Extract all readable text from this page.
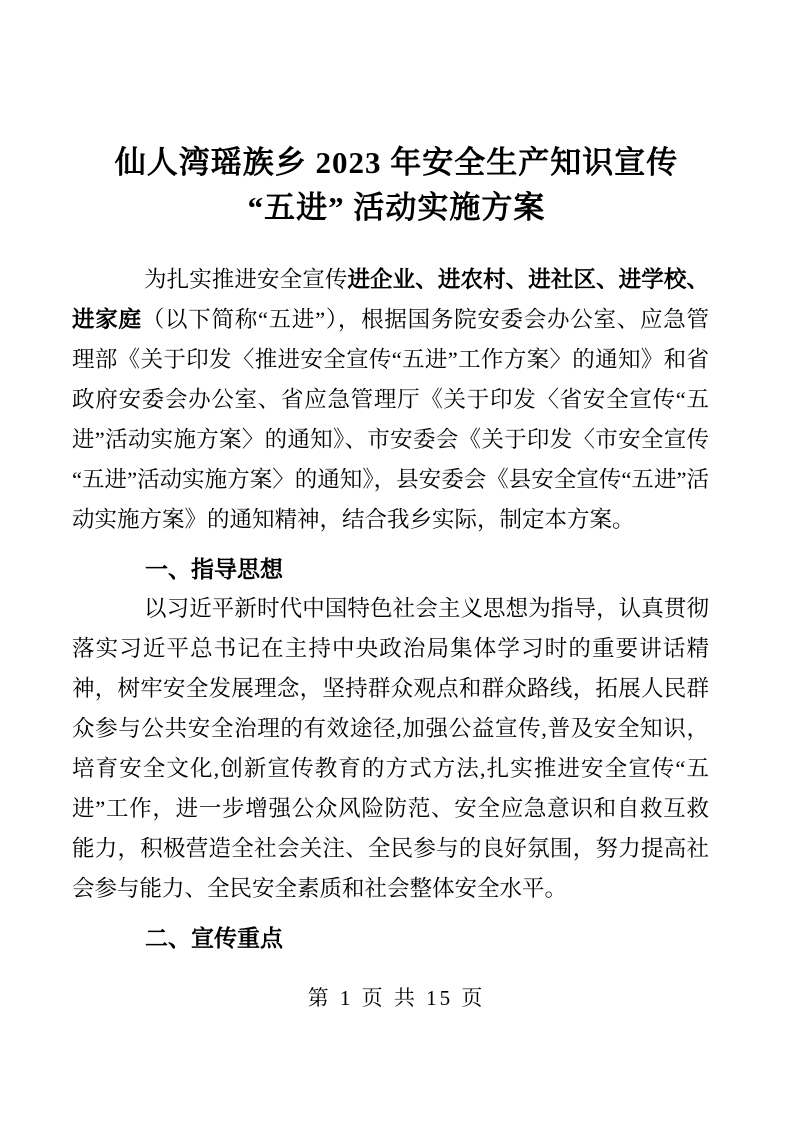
仙人湾瑶族乡 2023 年安全生产知识宣传
“五进” 活动实施方案

为扎实推进安全宣传进企业、进农村、进社区、进学校、进家庭（以下简称“五进”），根据国务院安委会办公室、应急管理部《关于印发〈推进安全宣传“五进”工作方案〉的通知》和省政府安委会办公室、省应急管理厅《关于印发〈省安全宣传“五进”活动实施方案〉的通知》、市安委会《关于印发〈市安全宣传“五进”活动实施方案〉的通知》，县安委会《县安全宣传“五进”活动实施方案》的通知精神，结合我乡实际，制定本方案。

一、指导思想

以习近平新时代中国特色社会主义思想为指导，认真贯彻落实习近平总书记在主持中央政治局集体学习时的重要讲话精神，树牢安全发展理念，坚持群众观点和群众路线，拓展人民群众参与公共安全治理的有效途径,加强公益宣传,普及安全知识，培育安全文化,创新宣传教育的方式方法,扎实推进安全宣传“五进”工作，进一步增强公众风险防范、安全应急意识和自救互救能力，积极营造全社会关注、全民参与的良好氛围，努力提高社会参与能力、全民安全素质和社会整体安全水平。

二、宣传重点
第 1 页 共 15 页
